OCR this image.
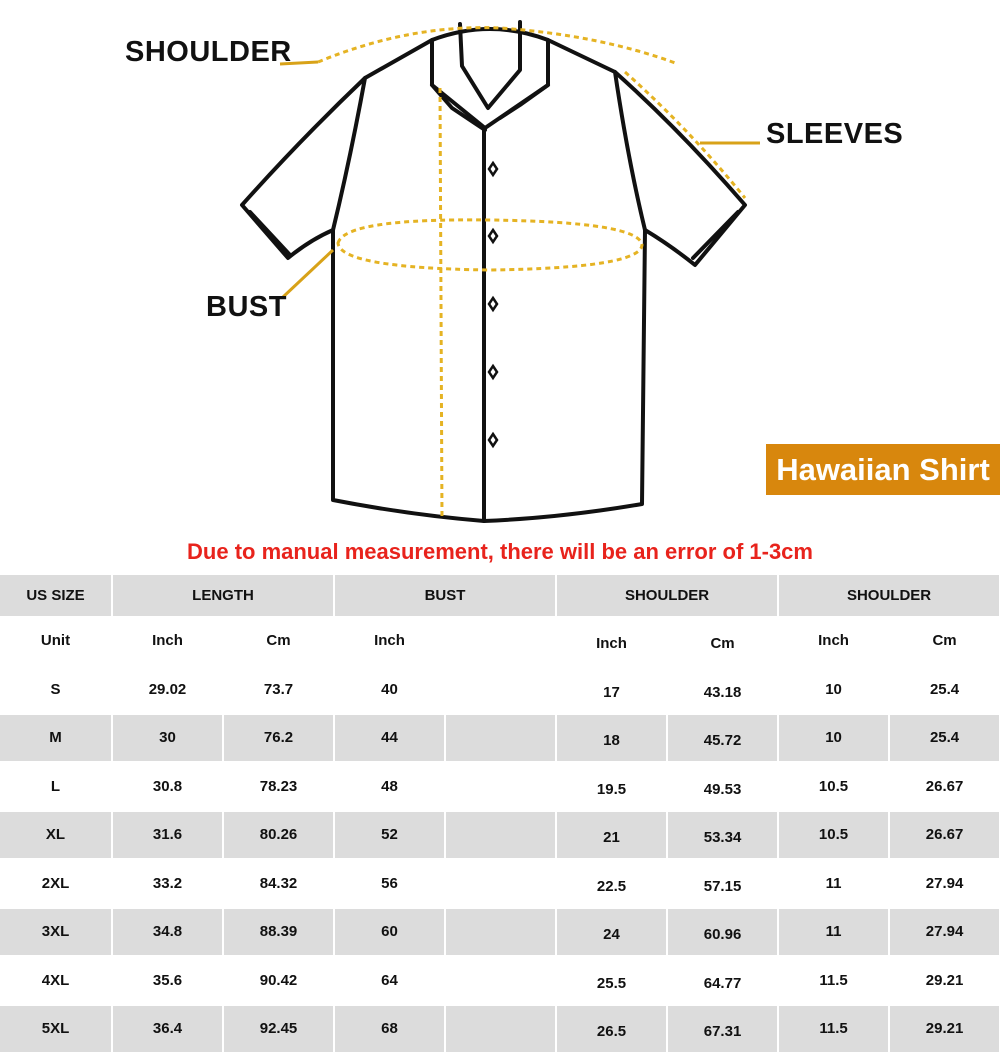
SHOULDER
SLEEVES
BUST
Hawaiian Shirt
Due to manual measurement, there will be an error of 1-3cm
US SIZE	LENGTH		BUST		SHOULDER		SHOULDER	
Unit	Inch	Cm	Inch		Inch	Cm	Inch	Cm
S	29.02	73.7	40		17	43.18	10	25.4
M	30	76.2	44		18	45.72	10	25.4
L	30.8	78.23	48		19.5	49.53	10.5	26.67
XL	31.6	80.26	52		21	53.34	10.5	26.67
2XL	33.2	84.32	56		22.5	57.15	11	27.94
3XL	34.8	88.39	60		24	60.96	11	27.94
4XL	35.6	90.42	64		25.5	64.77	11.5	29.21
5XL	36.4	92.45	68		26.5	67.31	11.5	29.21
